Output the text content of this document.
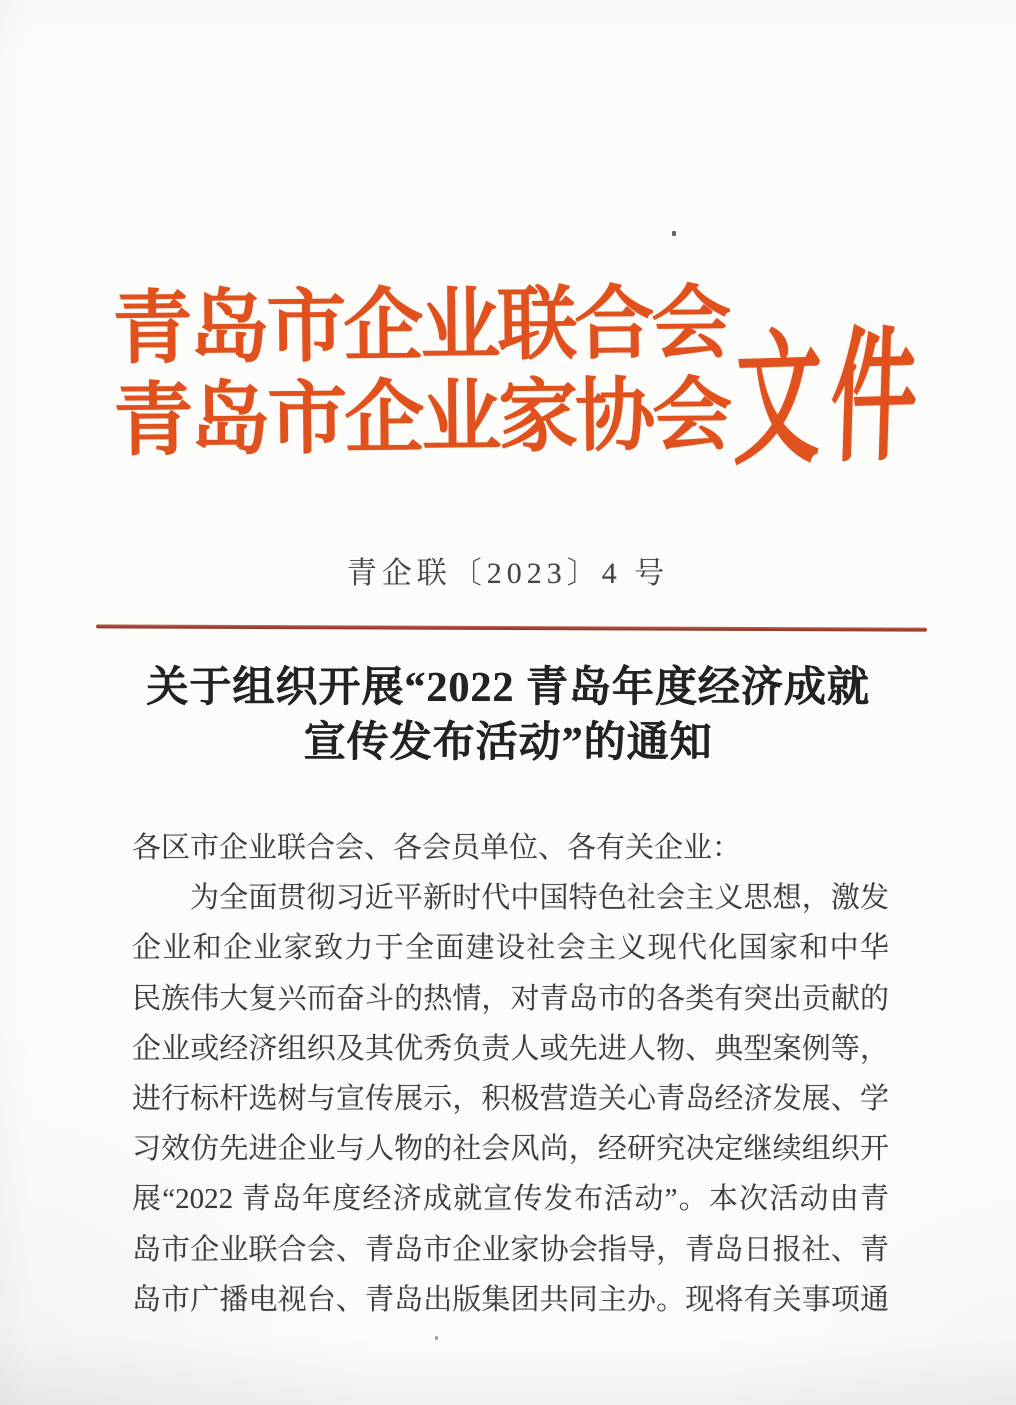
青岛市企业联合会
青岛市企业家协会 文件
青企联〔2023〕4 号
关于组织开展“2022 青岛年度经济成就
宣传发布活动”的通知
各区市企业联合会、各会员单位、各有关企业：
为全面贯彻习近平新时代中国特色社会主义思想，激发
企业和企业家致力于全面建设社会主义现代化国家和中华
民族伟大复兴而奋斗的热情，对青岛市的各类有突出贡献的
企业或经济组织及其优秀负责人或先进人物、典型案例等，
进行标杆选树与宣传展示，积极营造关心青岛经济发展、学
习效仿先进企业与人物的社会风尚，经研究决定继续组织开
展“2022 青岛年度经济成就宣传发布活动”。本次活动由青
岛市企业联合会、青岛市企业家协会指导，青岛日报社、青
岛市广播电视台、青岛出版集团共同主办。现将有关事项通
